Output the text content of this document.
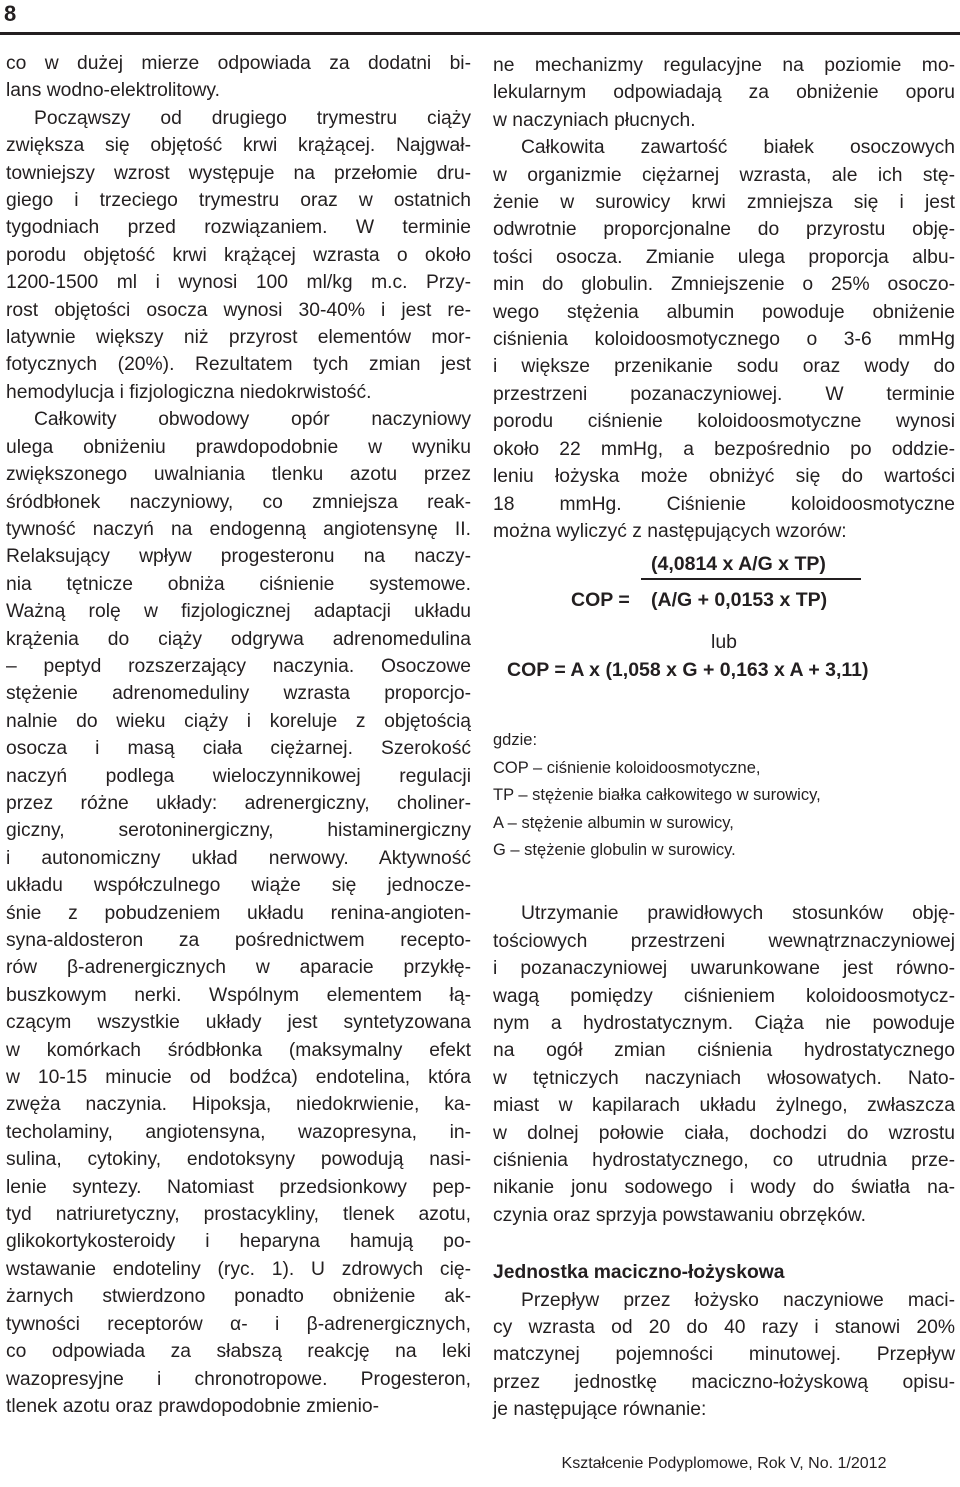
8
co w dużej mierze odpowiada za dodatni bi-
lans wodno-elektrolitowy.
Począwszy od drugiego trymestru ciąży
zwiększa się objętość krwi krążącej. Najgwał-
towniejszy wzrost występuje na przełomie dru-
giego i trzeciego trymestru oraz w ostatnich
tygodniach przed rozwiązaniem. W terminie
porodu objętość krwi krążącej wzrasta o około
1200-1500 ml i wynosi 100 ml/kg m.c. Przy-
rost objętości osocza wynosi 30-40% i jest re-
latywnie większy niż przyrost elementów mor-
fotycznych (20%). Rezultatem tych zmian jest
hemodylucja i fizjologiczna niedokrwistość.
Całkowity obwodowy opór naczyniowy
ulega obniżeniu prawdopodobnie w wyniku
zwiększonego uwalniania tlenku azotu przez
śródbłonek naczyniowy, co zmniejsza reak-
tywność naczyń na endogenną angiotensynę II.
Relaksujący wpływ progesteronu na naczy-
nia tętnicze obniża ciśnienie systemowe.
Ważną rolę w fizjologicznej adaptacji układu
krążenia do ciąży odgrywa adrenomedulina
– peptyd rozszerzający naczynia. Osoczowe
stężenie adrenomeduliny wzrasta proporcjo-
nalnie do wieku ciąży i koreluje z objętością
osocza i masą ciała ciężarnej. Szerokość
naczyń podlega wieloczynnikowej regulacji
przez różne układy: adrenergiczny, choliner-
giczny, serotoninergiczny, histaminergiczny
i autonomiczny układ nerwowy. Aktywność
układu współczulnego wiąże się jednocze-
śnie z pobudzeniem układu renina-angioten-
syna-aldosteron za pośrednictwem recepto-
rów β-adrenergicznych w aparacie przykłę-
buszkowym nerki. Wspólnym elementem łą-
czącym wszystkie układy jest syntetyzowana
w komórkach śródbłonka (maksymalny efekt
w 10-15 minucie od bodźca) endotelina, która
zwęża naczynia. Hipoksja, niedokrwienie, ka-
techolaminy, angiotensyna, wazopresyna, in-
sulina, cytokiny, endotoksyny powodują nasi-
lenie syntezy. Natomiast przedsionkowy pep-
tyd natriuretyczny, prostacykliny, tlenek azotu,
glikokortykosteroidy i heparyna hamują po-
wstawanie endoteliny (ryc. 1). U zdrowych cię-
żarnych stwierdzono ponadto obniżenie ak-
tywności receptorów α- i β-adrenergicznych,
co odpowiada za słabszą reakcję na leki
wazopresyjne i chronotropowe. Progesteron,
tlenek azotu oraz prawdopodobnie zmienio-
ne mechanizmy regulacyjne na poziomie mo-
lekularnym odpowiadają za obniżenie oporu
w naczyniach płucnych.
Całkowita zawartość białek osoczowych
w organizmie ciężarnej wzrasta, ale ich stę-
żenie w surowicy krwi zmniejsza się i jest
odwrotnie proporcjonalne do przyrostu obję-
tości osocza. Zmianie ulega proporcja albu-
min do globulin. Zmniejszenie o 25% osoczo-
wego stężenia albumin powoduje obniżenie
ciśnienia koloidoosmotycznego o 3-6 mmHg
i większe przenikanie sodu oraz wody do
przestrzeni pozanaczyniowej. W terminie
porodu ciśnienie koloidoosmotyczne wynosi
około 22 mmHg, a bezpośrednio po oddzie-
leniu łożyska może obniżyć się do wartości
18 mmHg. Ciśnienie koloidoosmotyczne
można wyliczyć z następujących wzorów:
COP =
(4,0814 x A/G x TP)
(A/G + 0,0153 x TP)
lub
COP = A x (1,058 x G + 0,163 x A + 3,11)
gdzie:
COP – ciśnienie koloidoosmotyczne,
TP – stężenie białka całkowitego w surowicy,
A – stężenie albumin w surowicy,
G – stężenie globulin w surowicy.
Utrzymanie prawidłowych stosunków obję-
tościowych przestrzeni wewnątrznaczyniowej
i pozanaczyniowej uwarunkowane jest równo-
wagą pomiędzy ciśnieniem koloidoosmotycz-
nym a hydrostatycznym. Ciąża nie powoduje
na ogół zmian ciśnienia hydrostatycznego
w tętniczych naczyniach włosowatych. Nato-
miast w kapilarach układu żylnego, zwłaszcza
w dolnej połowie ciała, dochodzi do wzrostu
ciśnienia hydrostatycznego, co utrudnia prze-
nikanie jonu sodowego i wody do światła na-
czynia oraz sprzyja powstawaniu obrzęków.
Jednostka maciczno-łożyskowa
Przepływ przez łożysko naczyniowe maci-
cy wzrasta od 20 do 40 razy i stanowi 20%
matczynej pojemności minutowej. Przepływ
przez jednostkę maciczno-łożyskową opisu-
je następujące równanie:
Kształcenie Podyplomowe, Rok V, No. 1/2012
